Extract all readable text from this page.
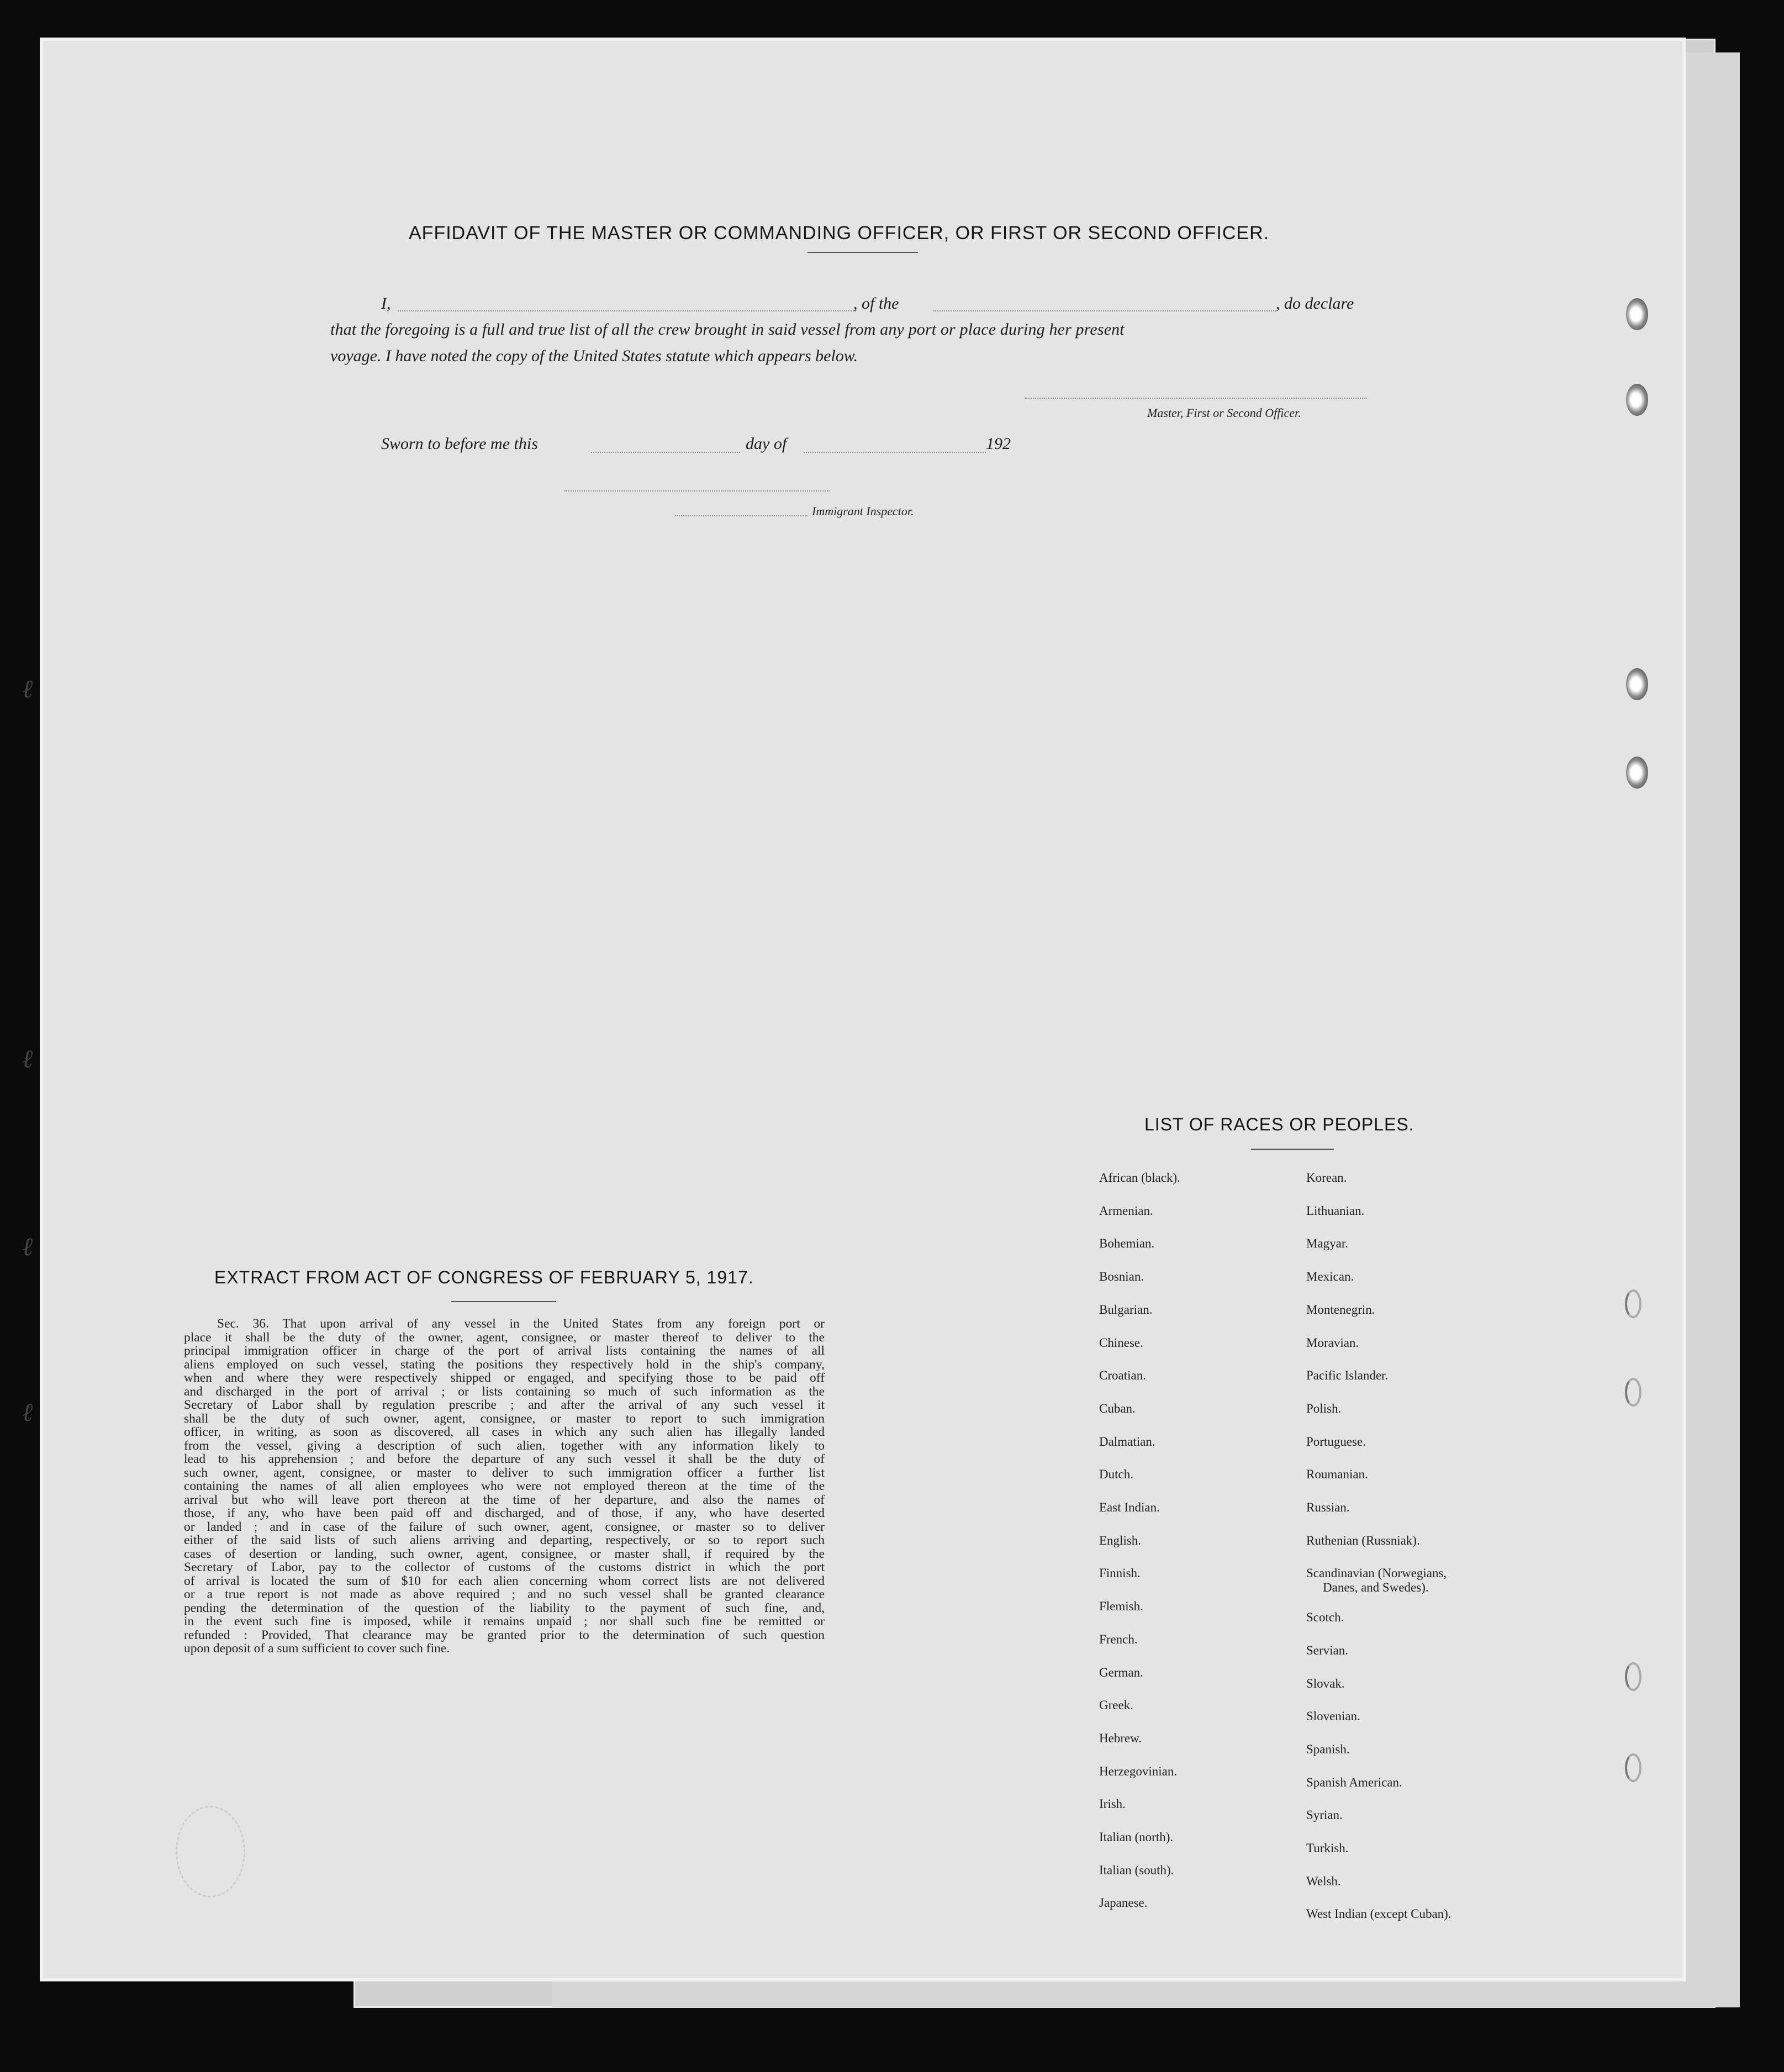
ℓ
ℓ
ℓ
ℓ
AFFIDAVIT OF THE MASTER OR COMMANDING OFFICER, OR FIRST OR SECOND OFFICER.
I,	, of the	, do declare
that the foregoing is a full and true list of all the crew brought in said vessel from any port or place during her present
voyage. I have noted the copy of the United States statute which appears below.
Master, First or Second Officer.
Sworn to before me this	day of	192
Immigrant Inspector.
EXTRACT FROM ACT OF CONGRESS OF FEBRUARY 5, 1917.
Sec. 36. That upon arrival of any vessel in the United States from any foreign port or
place it shall be the duty of the owner, agent, consignee, or master thereof to deliver to the
principal immigration officer in charge of the port of arrival lists containing the names of all
aliens employed on such vessel, stating the positions they respectively hold in the ship's company,
when and where they were respectively shipped or engaged, and specifying those to be paid off
and discharged in the port of arrival ; or lists containing so much of such information as the
Secretary of Labor shall by regulation prescribe ; and after the arrival of any such vessel it
shall be the duty of such owner, agent, consignee, or master to report to such immigration
officer, in writing, as soon as discovered, all cases in which any such alien has illegally landed
from the vessel, giving a description of such alien, together with any information likely to
lead to his apprehension ; and before the departure of any such vessel it shall be the duty of
such owner, agent, consignee, or master to deliver to such immigration officer a further list
containing the names of all alien employees who were not employed thereon at the time of the
arrival but who will leave port thereon at the time of her departure, and also the names of
those, if any, who have been paid off and discharged, and of those, if any, who have deserted
or landed ; and in case of the failure of such owner, agent, consignee, or master so to deliver
either of the said lists of such aliens arriving and departing, respectively, or so to report such
cases of desertion or landing, such owner, agent, consignee, or master shall, if required by the
Secretary of Labor, pay to the collector of customs of the customs district in which the port
of arrival is located the sum of $10 for each alien concerning whom correct lists are not delivered
or a true report is not made as above required ; and no such vessel shall be granted clearance
pending the determination of the question of the liability to the payment of such fine, and,
in the event such fine is imposed, while it remains unpaid ; nor shall such fine be remitted or
refunded : Provided, That clearance may be granted prior to the determination of such question
upon deposit of a sum sufficient to cover such fine.
LIST OF RACES OR PEOPLES.
African (black).
Armenian.
Bohemian.
Bosnian.
Bulgarian.
Chinese.
Croatian.
Cuban.
Dalmatian.
Dutch.
East Indian.
English.
Finnish.
Flemish.
French.
German.
Greek.
Hebrew.
Herzegovinian.
Irish.
Italian (north).
Italian (south).
Japanese.
Korean.
Lithuanian.
Magyar.
Mexican.
Montenegrin.
Moravian.
Pacific Islander.
Polish.
Portuguese.
Roumanian.
Russian.
Ruthenian (Russniak).
Scandinavian (Norwegians,
Danes, and Swedes).
Scotch.
Servian.
Slovak.
Slovenian.
Spanish.
Spanish American.
Syrian.
Turkish.
Welsh.
West Indian (except Cuban).
